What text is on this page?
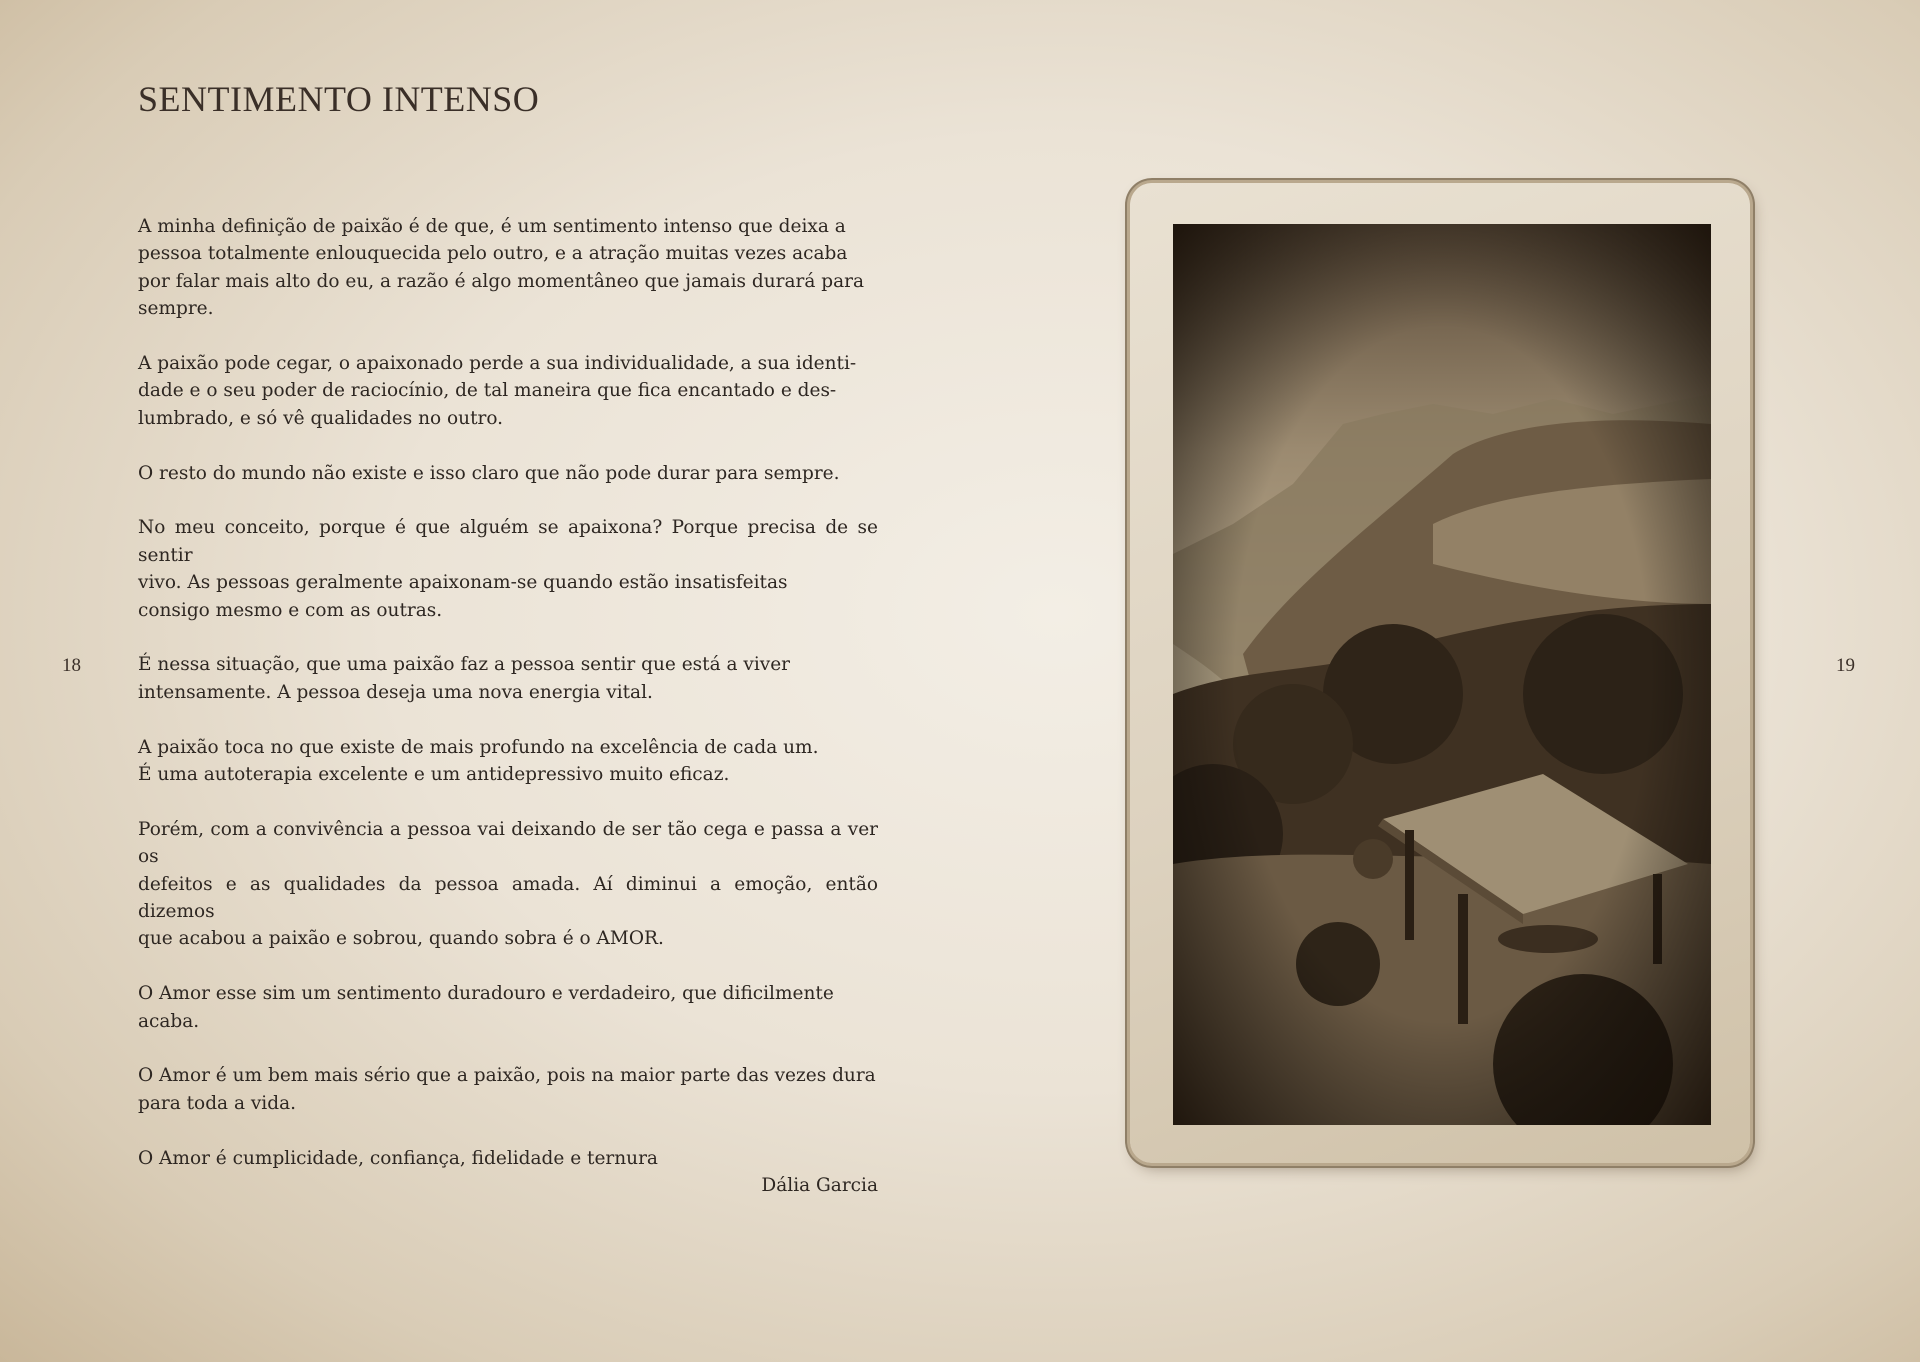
SENTIMENTO INTENSO

A minha definição de paixão é de que, é um sentimento intenso que deixa a
pessoa totalmente enlouquecida pelo outro, e a atração muitas vezes acaba
por falar mais alto do eu, a razão é algo momentâneo que jamais durará para
sempre.

A paixão pode cegar, o apaixonado perde a sua individualidade, a sua identi-
dade e o seu poder de raciocínio, de tal maneira que fica encantado e des-
lumbrado, e só vê qualidades no outro.

O resto do mundo não existe e isso claro que não pode durar para sempre.

No meu conceito, porque é que alguém se apaixona? Porque precisa de se sentir
vivo. As pessoas geralmente apaixonam-se quando estão insatisfeitas
consigo mesmo e com as outras.

É nessa situação, que uma paixão faz a pessoa sentir que está a viver
intensamente. A pessoa deseja uma nova energia vital.

A paixão toca no que existe de mais profundo na excelência de cada um.
É uma autoterapia excelente e um antidepressivo muito eficaz.

Porém, com a convivência a pessoa vai deixando de ser tão cega e passa a ver os
defeitos e as qualidades da pessoa amada. Aí diminui a emoção, então dizemos
que acabou a paixão e sobrou, quando sobra é o AMOR.

O Amor esse sim um sentimento duradouro e verdadeiro, que dificilmente acaba.

O Amor é um bem mais sério que a paixão, pois na maior parte das vezes dura
para toda a vida.

O Amor é cumplicidade, confiança, fidelidade e ternura

Dália Garcia

18	19
